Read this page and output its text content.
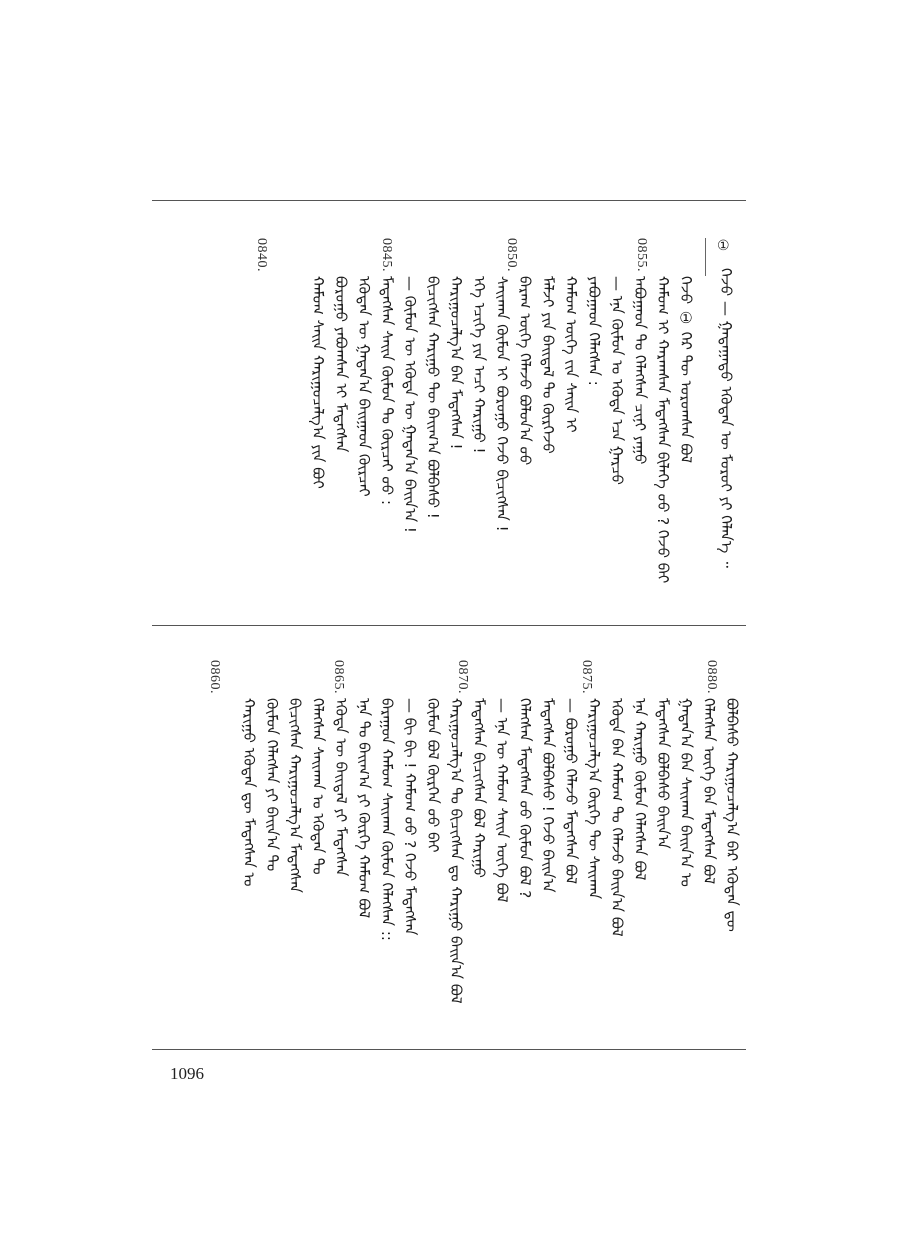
①
ᠭᠡᠵᠦ — ᠭᠠᠳᠠᠭᠠᠳᠤ ᠡᠭᠦᠳᠡᠨ ᠦ ᠮᠤᠷᠤᠢ ᠶᠢ ᠬᠡᠯᠡᠨ᠎ᠡ ᠃
0855.
0850.
0845.
0840.
ᠭᠡᠵᠦ ① ᠭᠡᠷ ᠲᠦ ᠣᠷᠣᠭᠰᠠᠨ ᠪᠣᠯ
ᠬᠠᠮᠤᠭ ᠢ ᠬᠠᠷᠠᠭᠰᠠᠨ ᠮᠡᠳᠡᠭᠰᠡᠨ ᠪᠢᠯᠡᠭᠡ ᠦᠦ ? ᠭᠡᠵᠦ ᠪᠠᠢ
ᠠᠪᠤᠭᠠᠳ ᠲᠤ ᠬᠡᠯᠡᠭᠰᠡᠨ ᠴᠢᠨᠢ ᠶᠠᠭᠤ
— ᠡᠨᠡ ᠬᠦᠮᠦᠨ ᠤ ᠡᠭᠦᠳᠡ ᠡᠴᠡ ᠭᠠᠷᠴᠤ
ᠶᠠᠪᠤᠭᠠᠳ ᠬᠡᠯᠡᠭᠰᠡᠨ :
ᠬᠠᠮᠤᠭ ᠦᠭᠡ ᠵᠢᠨ ᠰᠠᠢᠨ ᠢ
ᠮᠠᠯᠵᠢ ᠶᠢᠨ ᠪᠠᠢᠳᠠᠯ ᠲᠤ ᠬᠦᠷᠭᠡᠵᠦ
ᠪᠠᠷᠠᠭ ᠦᠭᠡ ᠬᠡᠯᠡᠵᠦ ᠪᠣᠯᠤᠨ᠎ᠠ ᠦᠦ
ᠰᠠᠢᠬᠠᠨ ᠬᠦᠮᠦᠨ ᠢ ᠪᠤᠷᠤᠭᠤ ᠭᠡᠵᠦ ᠪᠢᠴᠢᠭᠰᠡᠨ !
ᠡᠬᠡ ᠡᠴᠢᠭᠡ ᠶᠢᠨ ᠠᠴᠢ ᠬᠠᠷᠢᠭᠤ !
ᠬᠠᠷᠢᠭᠤᠴᠠᠯᠭ᠎ᠠ ᠪᠠᠨ ᠮᠡᠳᠡᠭᠰᠡᠨ !
ᠪᠢᠴᠢᠭᠰᠡᠨ ᠬᠠᠷᠢᠭᠤ ᠲᠦ ᠪᠠᠢᠭ᠎ᠠ ᠪᠣᠯᠪᠠᠰᠤ !
— ᠬᠦᠮᠦᠨ ᠦ ᠡᠭᠦᠳᠡ ᠦ ᠭᠠᠳᠠᠨ᠎ᠠ ᠪᠠᠢᠨ᠎ᠠ !
ᠮᠡᠳᠡᠭᠰᠡᠨ ᠰᠠᠢᠨ ᠬᠦᠮᠦᠨ ᠲᠤ ᠬᠦᠷᠴᠡᠢ ᠦᠦ :
ᠡᠭᠦᠳᠡᠨ ᠦ ᠭᠠᠳᠠᠨ᠎ᠠ ᠪᠠᠢᠭᠠᠳ ᠬᠦᠷᠴᠡᠢ
ᠪᠤᠷᠤᠭᠤ ᠶᠠᠪᠤᠭᠰᠠᠨ ᠢ ᠮᠡᠳᠡᠭᠰᠡᠨ
ᠬᠠᠮᠤᠭ ᠰᠠᠢᠨ ᠬᠠᠷᠢᠭᠤᠴᠠᠯᠭ᠎ᠠ ᠶᠢᠨ ᠪᠤᠢ
0880.
0875.
0870.
0865.
0860.
ᠪᠣᠯᠪᠠᠰᠤ ᠬᠠᠷᠢᠭᠤᠴᠠᠯᠭ᠎ᠠ ᠪᠠᠷ ᠡᠭᠦᠳᠡᠨ ᠳᠦ
ᠬᠡᠯᠡᠭᠰᠡᠨ ᠦᠭᠡ ᠪᠡᠨ ᠮᠡᠳᠡᠭᠰᠡᠨ ᠪᠣᠯ
ᠭᠠᠳᠠᠨ᠎ᠠ ᠪᠠᠨ ᠰᠠᠢᠬᠠᠨ ᠪᠠᠢᠨ᠎ᠠ ᠤ
ᠮᠡᠳᠡᠭᠰᠡᠨ ᠪᠣᠯᠪᠠᠰᠤ ᠪᠠᠢᠨ᠎ᠠ
ᠡᠨᠡ ᠬᠠᠷᠢᠭᠤ ᠬᠦᠮᠦᠨ ᠬᠡᠯᠡᠭᠰᠡᠨ ᠪᠣᠯ
ᠡᠭᠦᠳᠡ ᠪᠠᠨ ᠬᠠᠮᠤᠭ ᠲᠤ ᠬᠡᠯᠡᠵᠦ ᠪᠠᠢᠨ᠎ᠠ ᠪᠣᠯ
ᠬᠠᠷᠢᠭᠤᠴᠠᠯᠭ᠎ᠠ ᠬᠦᠷᠭᠡ ᠲᠦ ᠰᠠᠢᠬᠠᠨ
— ᠪᠤᠷᠤᠭᠤ ᠬᠡᠯᠡᠵᠦ ᠮᠡᠳᠡᠭᠰᠡᠨ ᠪᠣᠯ
ᠮᠡᠳᠡᠭᠰᠡᠨ ᠪᠣᠯᠪᠠᠰᠤ ! ᠭᠡᠵᠦ ᠪᠠᠢᠨ᠎ᠠ
ᠬᠡᠯᠡᠭᠰᠡᠨ ᠮᠡᠳᠡᠭᠰᠡᠨ ᠦᠦ ᠬᠦᠮᠦᠨ ᠪᠣᠯ ?
— ᠡᠨᠡ ᠦ ᠬᠠᠮᠤᠭ ᠰᠠᠢᠨ ᠦᠭᠡ ᠪᠣᠯ
ᠮᠡᠳᠡᠭᠰᠡᠨ ᠪᠢᠴᠢᠭᠰᠡᠨ ᠪᠣᠯ ᠬᠠᠷᠢᠭᠤ
ᠬᠠᠷᠢᠭᠤᠴᠠᠯᠭ᠎ᠠ ᠲᠤ ᠪᠢᠴᠢᠭᠰᠡᠨ ᠳᠤ ᠬᠠᠷᠢᠭᠤ ᠪᠠᠢᠨ᠎ᠠ ᠪᠣᠯ
ᠬᠦᠮᠦᠨ ᠪᠣᠯ ᠬᠦᠷᠭᠡᠨ ᠦᠦ ᠪᠠᠢ
— ᠪᠢ ᠪᠢ ! ᠬᠠᠮᠤᠭ ᠦᠦ ? ᠭᠡᠵᠦ ᠮᠡᠳᠡᠭᠰᠡᠨ
ᠪᠠᠷᠠᠭᠤᠨ ᠬᠠᠮᠤᠭ ᠰᠠᠢᠬᠠᠨ ᠬᠦᠮᠦᠨ ᠬᠡᠯᠡᠭᠰᠡᠨ ::
ᠡᠨᠡ ᠲᠤ ᠪᠠᠢᠭ᠎ᠠ ᠶᠢ ᠬᠦᠷᠭᠡ ᠬᠠᠮᠤᠭ ᠪᠣᠯ
ᠡᠭᠦᠳᠡ ᠦ ᠪᠠᠢᠳᠠᠯ ᠶᠢ ᠮᠡᠳᠡᠭᠰᠡᠨ
ᠬᠡᠯᠡᠭᠰᠡᠨ ᠰᠠᠢᠬᠠᠨ ᠤ ᠡᠭᠦᠳᠡᠨ ᠲᠤ
ᠪᠢᠴᠢᠭᠰᠡᠨ ᠬᠠᠷᠢᠭᠤᠴᠠᠯᠭ᠎ᠠ ᠮᠡᠳᠡᠭᠰᠡᠨ
ᠬᠦᠮᠦᠨ ᠬᠡᠯᠡᠭᠰᠡᠨ ᠶᠢ ᠪᠠᠢᠨ᠎ᠠ ᠲᠤ
ᠬᠠᠷᠢᠭᠤ ᠡᠭᠦᠳᠡᠨ ᠳᠦ ᠮᠡᠳᠡᠭᠰᠡᠨ ᠤ
1096
